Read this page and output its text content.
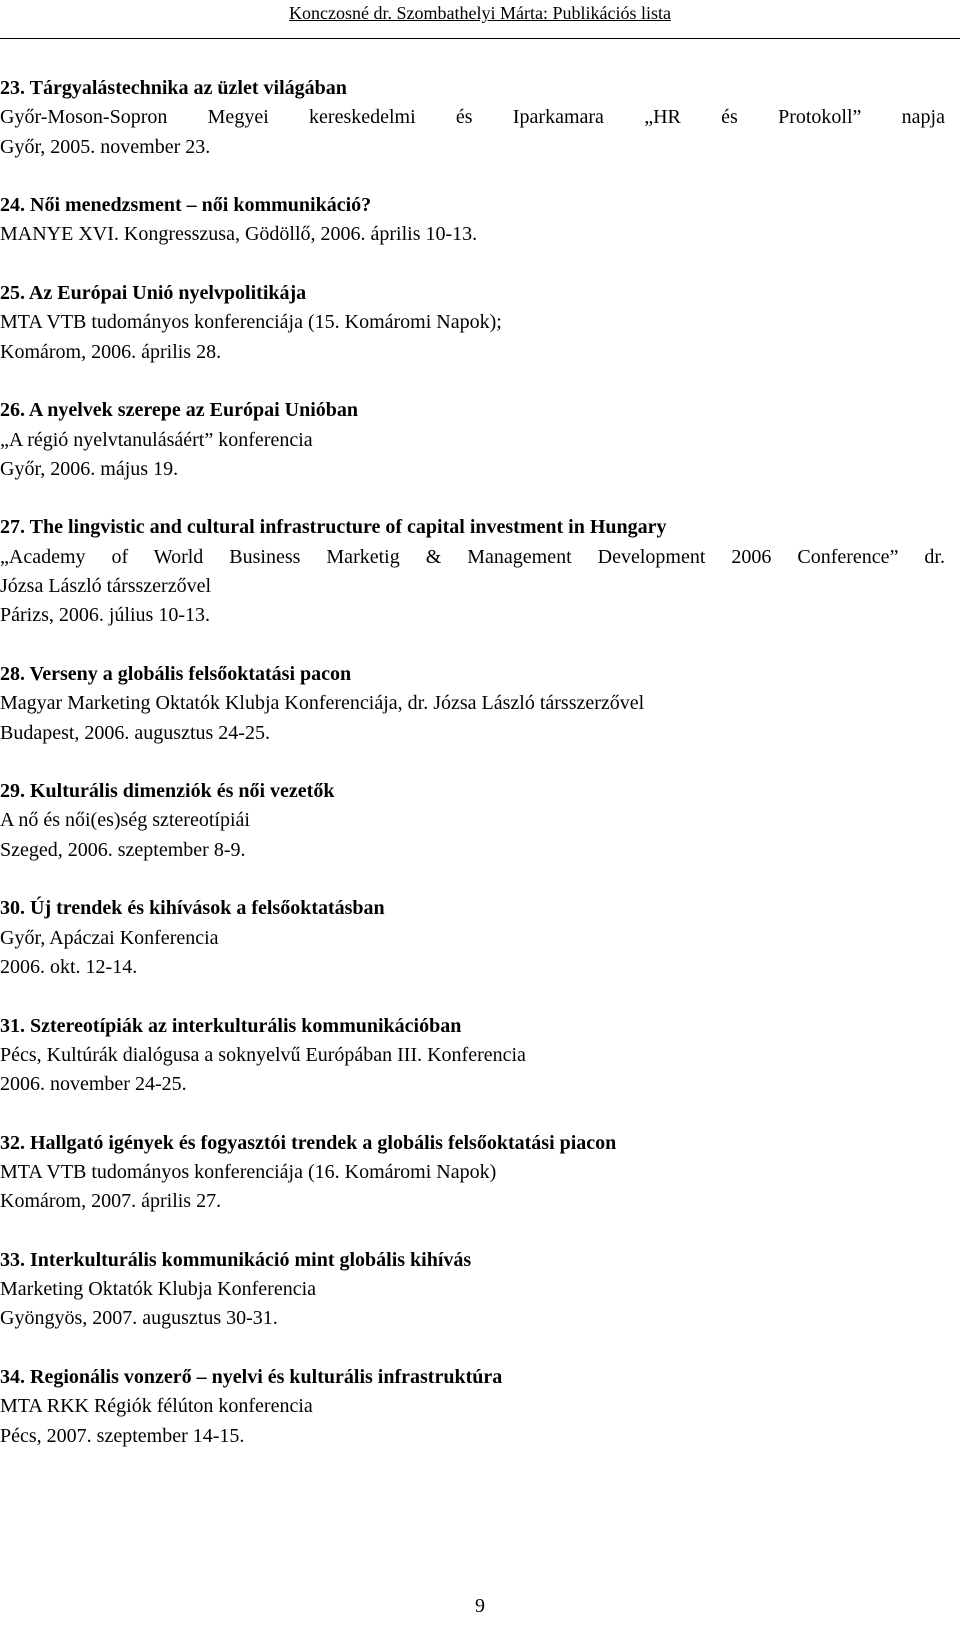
Konczosné dr. Szombathelyi Márta: Publikációs lista

23. Tárgyalástechnika az üzlet világában

Győr-Moson-Sopron Megyei kereskedelmi és Iparkamara „HR és Protokoll” napja

Győr, 2005. november 23.

24. Női menedzsment – női kommunikáció?

MANYE XVI. Kongresszusa, Gödöllő, 2006. április 10-13.

25. Az Európai Unió nyelvpolitikája

MTA VTB tudományos konferenciája (15. Komáromi Napok);

Komárom, 2006. április 28.

26. A nyelvek szerepe az Európai Unióban

„A régió nyelvtanulásáért” konferencia

Győr, 2006. május 19.

27. The lingvistic and cultural infrastructure of capital investment in Hungary

„Academy of World Business Marketig & Management Development 2006 Conference” dr.

Józsa László társszerzővel

Párizs, 2006. július 10-13.

28. Verseny a globális felsőoktatási pacon

Magyar Marketing Oktatók Klubja Konferenciája, dr. Józsa László társszerzővel

Budapest, 2006. augusztus 24-25.

29. Kulturális dimenziók és női vezetők

A nő és női(es)ség sztereotípiái

Szeged, 2006. szeptember 8-9.

30. Új trendek és kihívások a felsőoktatásban

Győr, Apáczai Konferencia

2006. okt. 12-14.

31. Sztereotípiák az interkulturális kommunikációban

Pécs, Kultúrák dialógusa a soknyelvű Európában III. Konferencia

2006. november 24-25.

32. Hallgató igények és fogyasztói trendek a globális felsőoktatási piacon

MTA VTB tudományos konferenciája (16. Komáromi Napok)

Komárom, 2007. április 27.

33. Interkulturális kommunikáció mint globális kihívás

Marketing Oktatók Klubja Konferencia

Gyöngyös, 2007. augusztus 30-31.

34. Regionális vonzerő – nyelvi és kulturális infrastruktúra

MTA RKK Régiók félúton konferencia

Pécs, 2007. szeptember 14-15.

9
